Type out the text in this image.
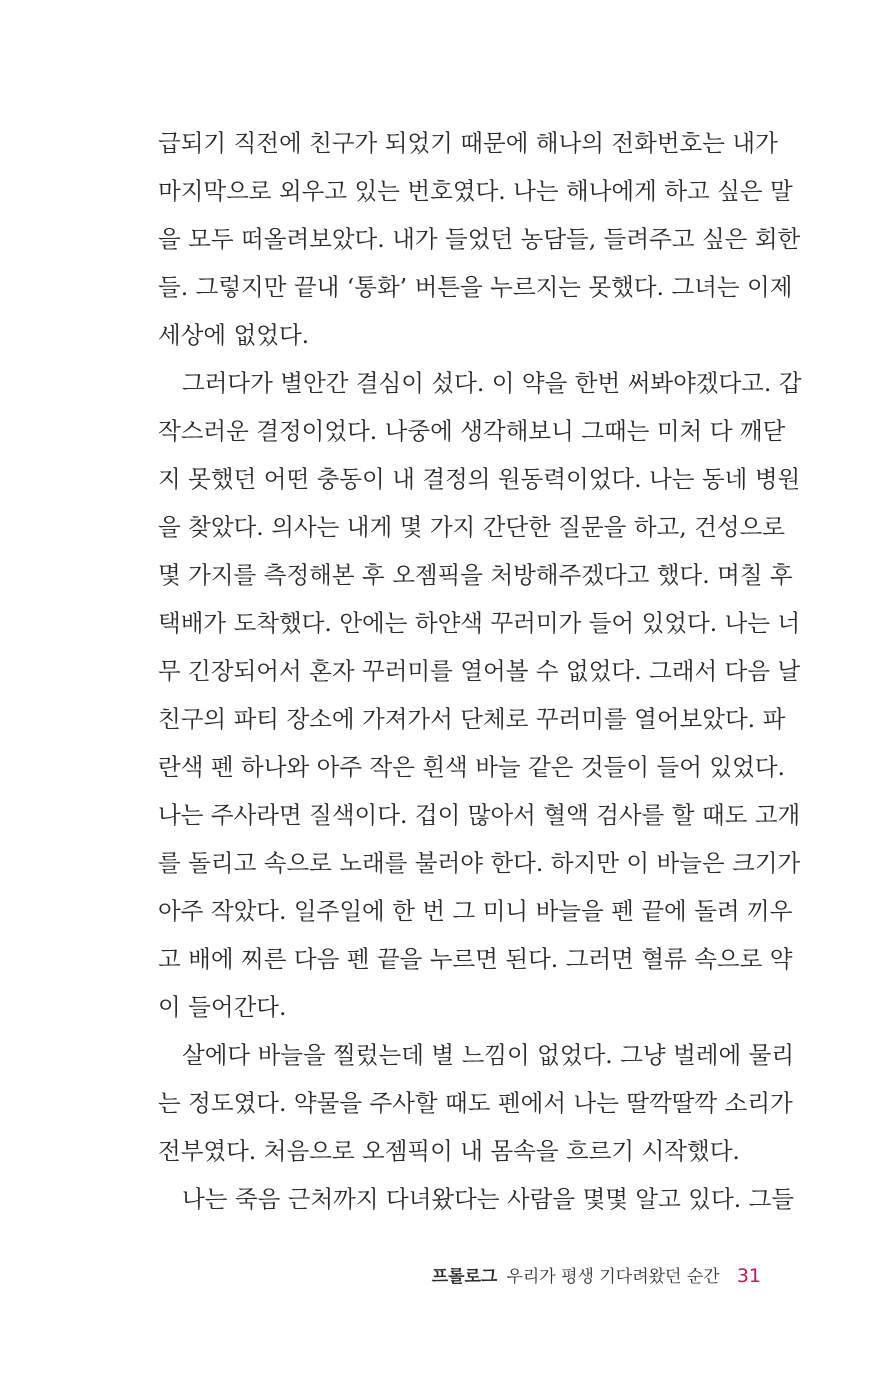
급되기 직전에 친구가 되었기 때문에 해나의 전화번호는 내가
마지막으로 외우고 있는 번호였다. 나는 해나에게 하고 싶은 말
을 모두 떠올려보았다. 내가 들었던 농담들, 들려주고 싶은 회한
들. 그렇지만 끝내 ‘통화’ 버튼을 누르지는 못했다. 그녀는 이제
세상에 없었다.
그러다가 별안간 결심이 섰다. 이 약을 한번 써봐야겠다고. 갑
작스러운 결정이었다. 나중에 생각해보니 그때는 미처 다 깨닫
지 못했던 어떤 충동이 내 결정의 원동력이었다. 나는 동네 병원
을 찾았다. 의사는 내게 몇 가지 간단한 질문을 하고, 건성으로
몇 가지를 측정해본 후 오젬픽을 처방해주겠다고 했다. 며칠 후
택배가 도착했다. 안에는 하얀색 꾸러미가 들어 있었다. 나는 너
무 긴장되어서 혼자 꾸러미를 열어볼 수 없었다. 그래서 다음 날
친구의 파티 장소에 가져가서 단체로 꾸러미를 열어보았다. 파
란색 펜 하나와 아주 작은 흰색 바늘 같은 것들이 들어 있었다.
나는 주사라면 질색이다. 겁이 많아서 혈액 검사를 할 때도 고개
를 돌리고 속으로 노래를 불러야 한다. 하지만 이 바늘은 크기가
아주 작았다. 일주일에 한 번 그 미니 바늘을 펜 끝에 돌려 끼우
고 배에 찌른 다음 펜 끝을 누르면 된다. 그러면 혈류 속으로 약
이 들어간다.
살에다 바늘을 찔렀는데 별 느낌이 없었다. 그냥 벌레에 물리
는 정도였다. 약물을 주사할 때도 펜에서 나는 딸깍딸깍 소리가
전부였다. 처음으로 오젬픽이 내 몸속을 흐르기 시작했다.
나는 죽음 근처까지 다녀왔다는 사람을 몇몇 알고 있다. 그들
프롤로그 우리가 평생 기다려왔던 순간 31
